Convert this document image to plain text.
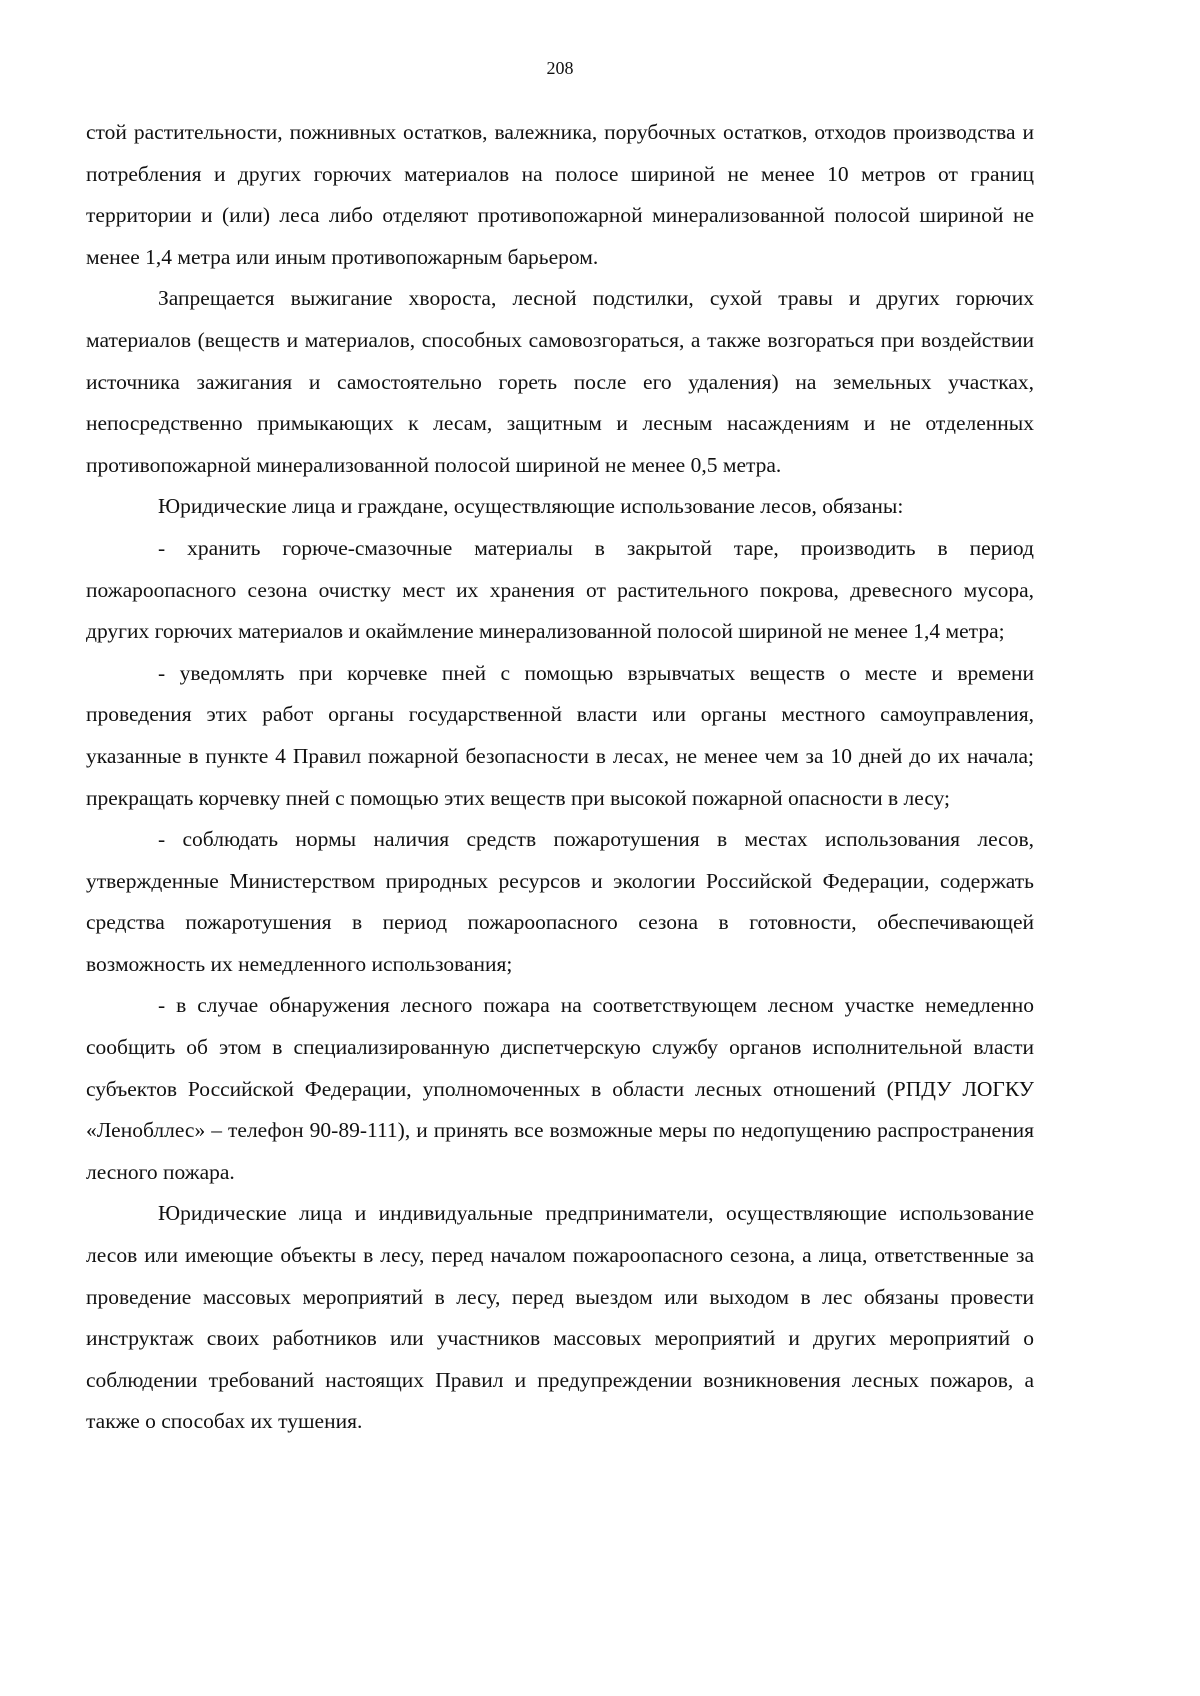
208

стой растительности, пожнивных остатков, валежника, порубочных остатков, отходов производства и потребления и других горючих материалов на полосе шириной не менее 10 метров от границ территории и (или) леса либо отделяют противопожарной минерализованной полосой шириной не менее 1,4 метра или иным противопожарным барьером.

Запрещается выжигание хвороста, лесной подстилки, сухой травы и других горючих материалов (веществ и материалов, способных самовозгораться, а также возгораться при воздействии источника зажигания и самостоятельно гореть после его удаления) на земельных участках, непосредственно примыкающих к лесам, защитным и лесным насаждениям и не отделенных противопожарной минерализованной полосой шириной не менее 0,5 метра.

Юридические лица и граждане, осуществляющие использование лесов, обязаны:

- хранить горюче-смазочные материалы в закрытой таре, производить в период пожароопасного сезона очистку мест их хранения от растительного покрова, древесного мусора, других горючих материалов и окаймление минерализованной полосой шириной не менее 1,4 метра;

- уведомлять при корчевке пней с помощью взрывчатых веществ о месте и времени проведения этих работ органы государственной власти или органы местного самоуправления, указанные в пункте 4 Правил пожарной безопасности в лесах, не менее чем за 10 дней до их начала; прекращать корчевку пней с помощью этих веществ при высокой пожарной опасности в лесу;

- соблюдать нормы наличия средств пожаротушения в местах использования лесов, утвержденные Министерством природных ресурсов и экологии Российской Федерации, содержать средства пожаротушения в период пожароопасного сезона в готовности, обеспечивающей возможность их немедленного использования;

- в случае обнаружения лесного пожара на соответствующем лесном участке немедленно сообщить об этом в специализированную диспетчерскую службу органов исполнительной власти субъектов Российской Федерации, уполномоченных в области лесных отношений (РПДУ ЛОГКУ «Ленобллес» – телефон 90-89-111), и принять все возможные меры по недопущению распространения лесного пожара.

Юридические лица и индивидуальные предприниматели, осуществляющие использование лесов или имеющие объекты в лесу, перед началом пожароопасного сезона, а лица, ответственные за проведение массовых мероприятий в лесу, перед выездом или выходом в лес обязаны провести инструктаж своих работников или участников массовых мероприятий и других мероприятий о соблюдении требований настоящих Правил и предупреждении возникновения лесных пожаров, а также о способах их тушения.
